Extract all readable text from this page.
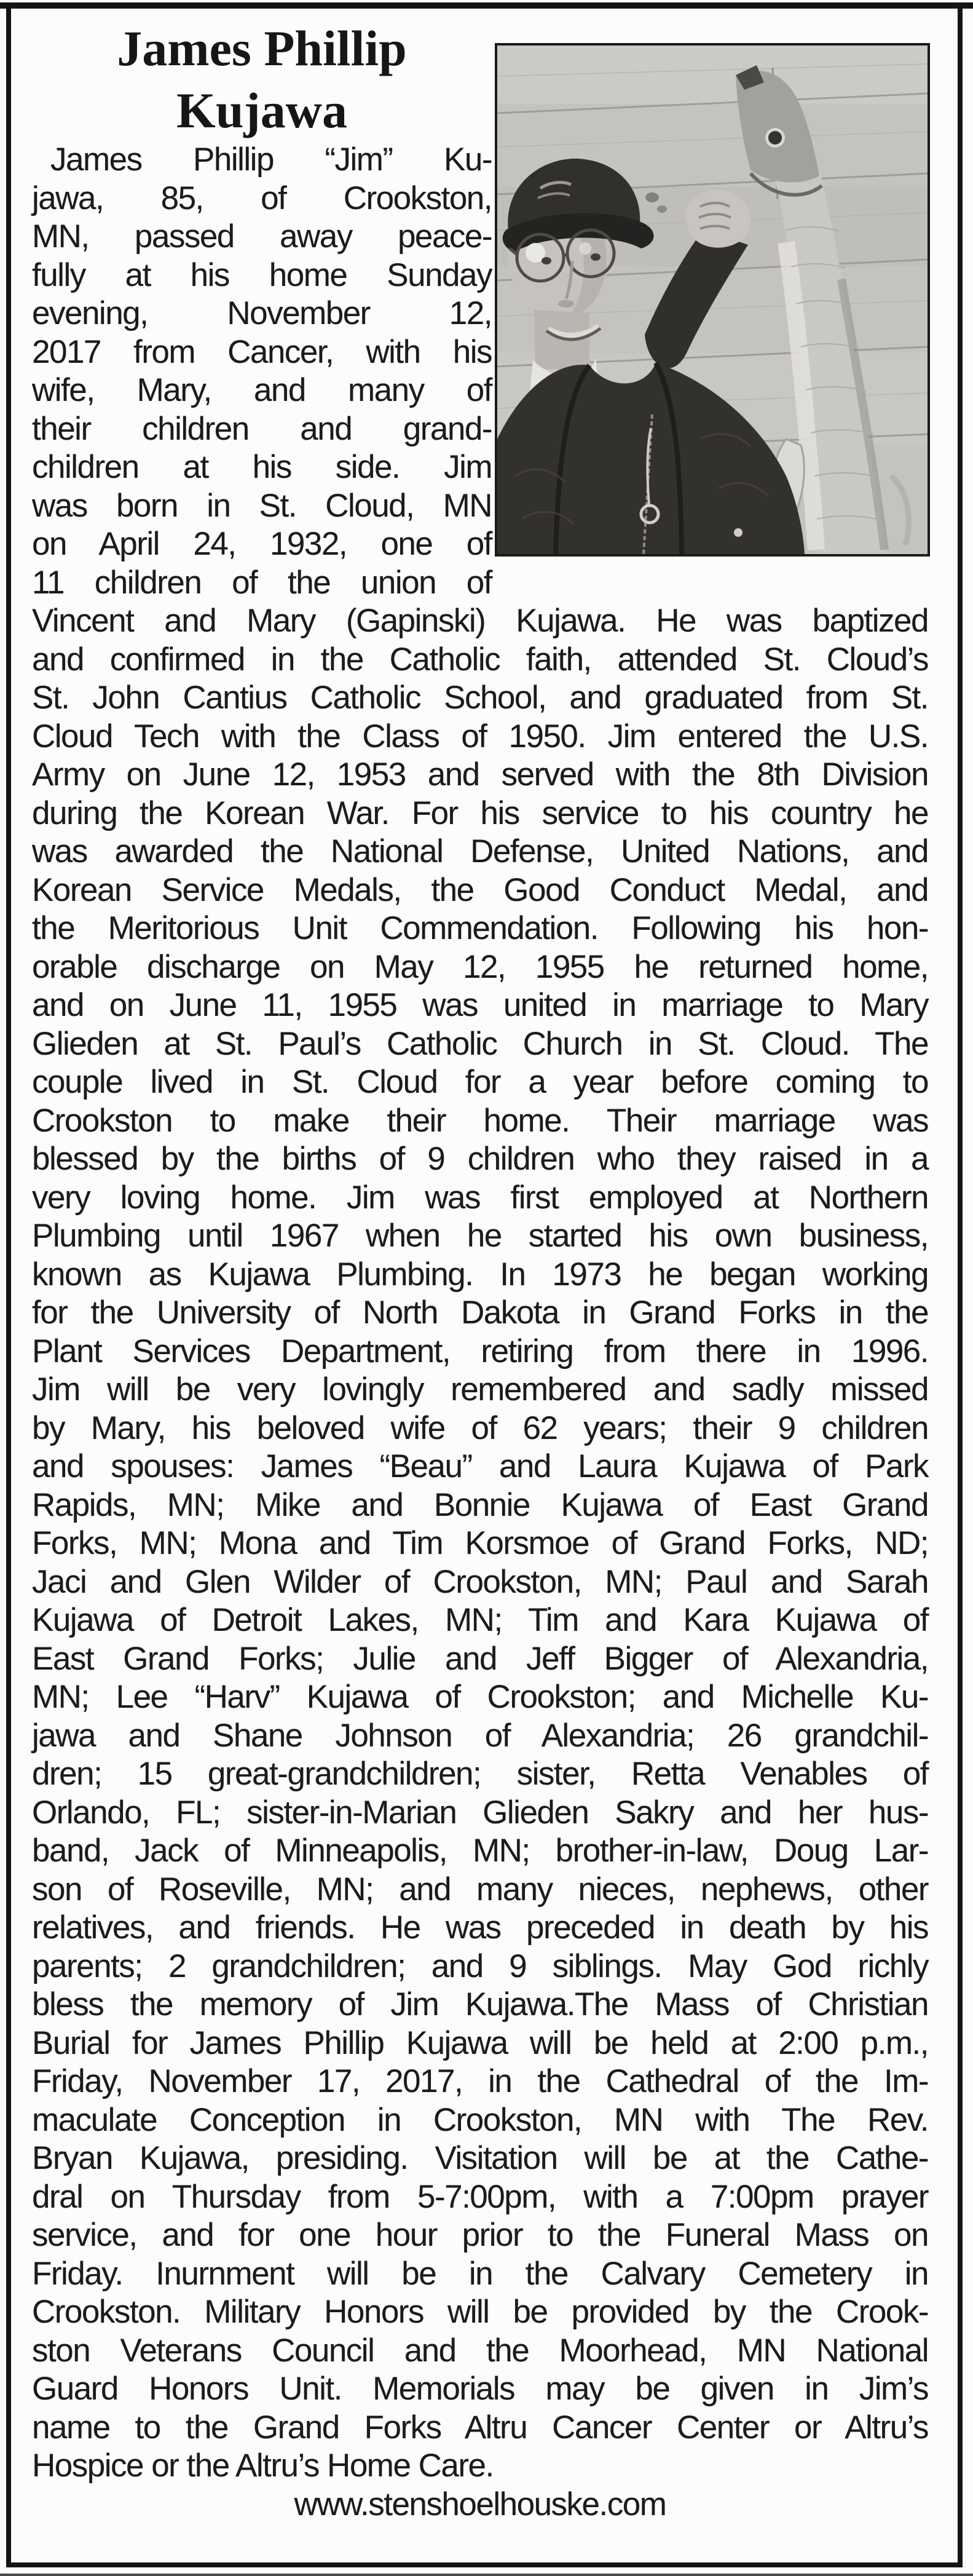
James Phillip
Kujawa
James Phillip “Jim” Ku-
jawa, 85, of Crookston,
MN, passed away peace-
fully at his home Sunday
evening, November 12,
2017 from Cancer, with his
wife, Mary, and many of
their children and grand-
children at his side. Jim
was born in St. Cloud, MN
on April 24, 1932, one of
11 children of the union of
Vincent and Mary (Gapinski) Kujawa. He was baptized
and confirmed in the Catholic faith, attended St. Cloud’s
St. John Cantius Catholic School, and graduated from St.
Cloud Tech with the Class of 1950. Jim entered the U.S.
Army on June 12, 1953 and served with the 8th Division
during the Korean War. For his service to his country he
was awarded the National Defense, United Nations, and
Korean Service Medals, the Good Conduct Medal, and
the Meritorious Unit Commendation. Following his hon-
orable discharge on May 12, 1955 he returned home,
and on June 11, 1955 was united in marriage to Mary
Glieden at St. Paul’s Catholic Church in St. Cloud. The
couple lived in St. Cloud for a year before coming to
Crookston to make their home. Their marriage was
blessed by the births of 9 children who they raised in a
very loving home. Jim was first employed at Northern
Plumbing until 1967 when he started his own business,
known as Kujawa Plumbing. In 1973 he began working
for the University of North Dakota in Grand Forks in the
Plant Services Department, retiring from there in 1996.
Jim will be very lovingly remembered and sadly missed
by Mary, his beloved wife of 62 years; their 9 children
and spouses: James “Beau” and Laura Kujawa of Park
Rapids, MN; Mike and Bonnie Kujawa of East Grand
Forks, MN; Mona and Tim Korsmoe of Grand Forks, ND;
Jaci and Glen Wilder of Crookston, MN; Paul and Sarah
Kujawa of Detroit Lakes, MN; Tim and Kara Kujawa of
East Grand Forks; Julie and Jeff Bigger of Alexandria,
MN; Lee “Harv” Kujawa of Crookston; and Michelle Ku-
jawa and Shane Johnson of Alexandria; 26 grandchil-
dren; 15 great-grandchildren; sister, Retta Venables of
Orlando, FL; sister-in-Marian Glieden Sakry and her hus-
band, Jack of Minneapolis, MN; brother-in-law, Doug Lar-
son of Roseville, MN; and many nieces, nephews, other
relatives, and friends. He was preceded in death by his
parents; 2 grandchildren; and 9 siblings. May God richly
bless the memory of Jim Kujawa.The Mass of Christian
Burial for James Phillip Kujawa will be held at 2:00 p.m.,
Friday, November 17, 2017, in the Cathedral of the Im-
maculate Conception in Crookston, MN with The Rev.
Bryan Kujawa, presiding. Visitation will be at the Cathe-
dral on Thursday from 5-7:00pm, with a 7:00pm prayer
service, and for one hour prior to the Funeral Mass on
Friday. Inurnment will be in the Calvary Cemetery in
Crookston. Military Honors will be provided by the Crook-
ston Veterans Council and the Moorhead, MN National
Guard Honors Unit. Memorials may be given in Jim’s
name to the Grand Forks Altru Cancer Center or Altru’s
Hospice or the Altru’s Home Care.
www.stenshoelhouske.com
